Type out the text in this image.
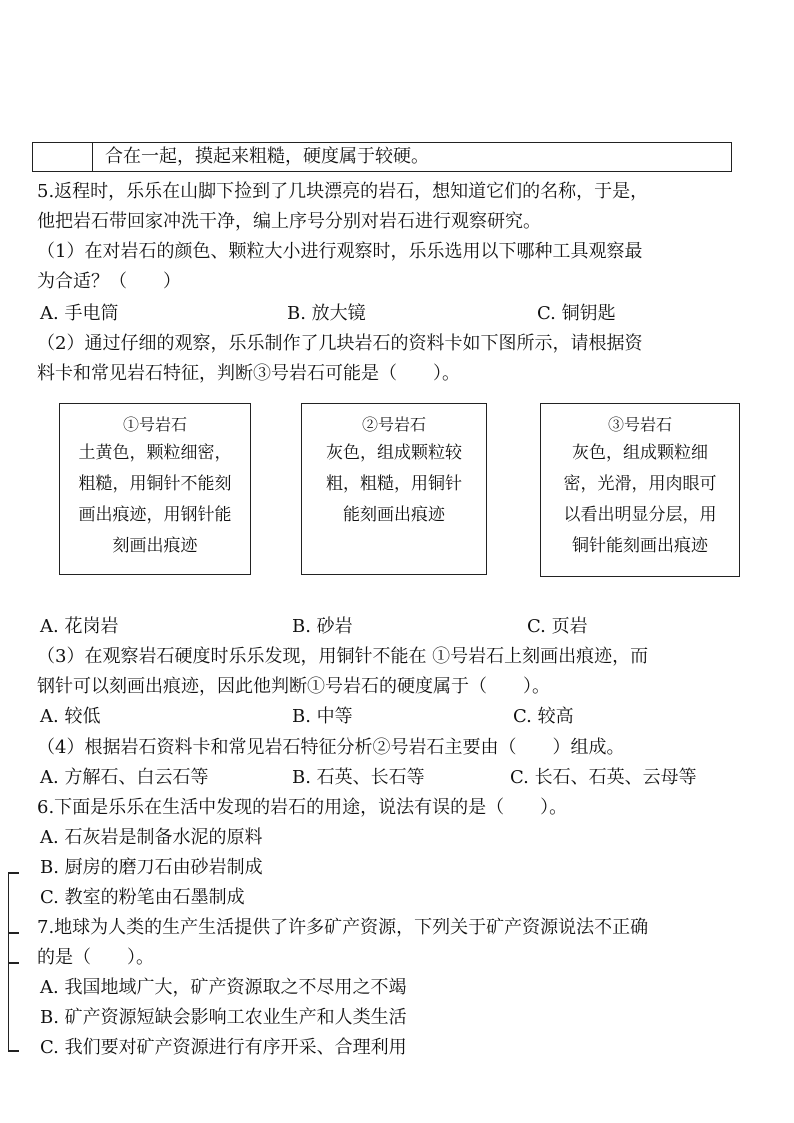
合在一起，摸起来粗糙，硬度属于较硬。
5.返程时，乐乐在山脚下捡到了几块漂亮的岩石，想知道它们的名称，于是，
他把岩石带回家冲洗干净，编上序号分别对岩石进行观察研究。
（1）在对岩石的颜色、颗粒大小进行观察时，乐乐选用以下哪种工具观察最
为合适？（　　）
A. 手电筒	B. 放大镜	C. 铜钥匙
（2）通过仔细的观察，乐乐制作了几块岩石的资料卡如下图所示，请根据资
料卡和常见岩石特征，判断③号岩石可能是（　　）。
①号岩石
土黄色，颗粒细密，
粗糙，用铜针不能刻
画出痕迹，用钢针能
刻画出痕迹
②号岩石
灰色，组成颗粒较
粗，粗糙，用铜针
能刻画出痕迹
③号岩石
灰色，组成颗粒细
密，光滑，用肉眼可
以看出明显分层，用
铜针能刻画出痕迹
A. 花岗岩	B. 砂岩	C. 页岩
（3）在观察岩石硬度时乐乐发现，用铜针不能在 ①号岩石上刻画出痕迹，而
钢针可以刻画出痕迹，因此他判断①号岩石的硬度属于（　　）。
A. 较低	B. 中等	C. 较高
（4）根据岩石资料卡和常见岩石特征分析②号岩石主要由（　　）组成。
A. 方解石、白云石等	B. 石英、长石等	C. 长石、石英、云母等
6.下面是乐乐在生活中发现的岩石的用途，说法有误的是（　　）。
A. 石灰岩是制备水泥的原料
B. 厨房的磨刀石由砂岩制成
C. 教室的粉笔由石墨制成
7.地球为人类的生产生活提供了许多矿产资源，下列关于矿产资源说法不正确
的是（　　）。
A. 我国地域广大，矿产资源取之不尽用之不竭
B. 矿产资源短缺会影响工农业生产和人类生活
C. 我们要对矿产资源进行有序开采、合理利用
